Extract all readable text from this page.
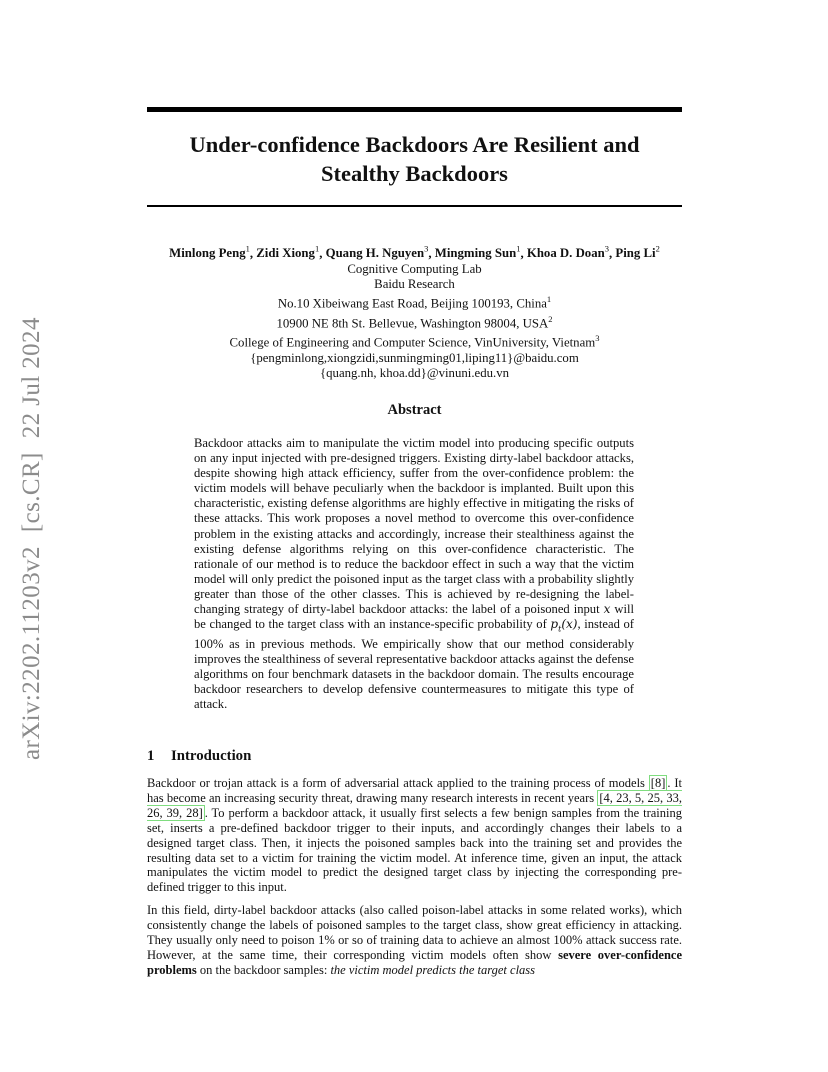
arXiv:2202.11203v2[cs.CR]22 Jul 2024
Under-confidence Backdoors Are Resilient and
Stealthy Backdoors
Minlong Peng$^1$, Zidi Xiong$^1$, Quang H. Nguyen$^3$, Mingming Sun$^1$, Khoa D. Doan$^3$, Ping Li$^2$
Cognitive Computing Lab
Baidu Research
No.10 Xibeiwang East Road, Beijing 100193, China$^1$
10900 NE 8th St. Bellevue, Washington 98004, USA$^2$
College of Engineering and Computer Science, VinUniversity, Vietnam$^3$
{pengminlong,xiongzidi,sunmingming01,liping11}@baidu.com
{quang.nh, khoa.dd}@vinuni.edu.vn
Abstract
Backdoor attacks aim to manipulate the victim model into producing specific outputs on any input injected with pre-designed triggers. Existing dirty-label backdoor attacks, despite showing high attack efficiency, suffer from the over-confidence problem: the victim models will behave peculiarly when the backdoor is implanted. Built upon this characteristic, existing defense algorithms are highly effective in mitigating the risks of these attacks. This work proposes a novel method to overcome this over-confidence problem in the existing attacks and accordingly, increase their stealthiness against the existing defense algorithms relying on this over-confidence characteristic. The rationale of our method is to reduce the backdoor effect in such a way that the victim model will only predict the poisoned input as the target class with a probability slightly greater than those of the other classes. This is achieved by re-designing the label-changing strategy of dirty-label backdoor attacks: the label of a poisoned input x will be changed to the target class with an instance-specific probability of $p_t(x)$, instead of 100% as in previous methods. We empirically show that our method considerably improves the stealthiness of several representative backdoor attacks against the defense algorithms on four benchmark datasets in the backdoor domain. The results encourage backdoor researchers to develop defensive countermeasures to mitigate this type of attack.
1 Introduction
Backdoor or trojan attack is a form of adversarial attack applied to the training process of models [8] . It has become an increasing security threat, drawing many research interests in recent years [4, 23, 5, 25, 33, 26, 39, 28] . To perform a backdoor attack, it usually first selects a few benign samples from the training set, inserts a pre-defined backdoor trigger to their inputs, and accordingly changes their labels to a designed target class. Then, it injects the poisoned samples back into the training set and provides the resulting data set to a victim for training the victim model. At inference time, given an input, the attack manipulates the victim model to predict the designed target class by injecting the corresponding pre-defined trigger to this input.
In this field, dirty-label backdoor attacks (also called poison-label attacks in some related works), which consistently change the labels of poisoned samples to the target class, show great efficiency in attacking. They usually only need to poison 1% or so of training data to achieve an almost 100% attack success rate. However, at the same time, their corresponding victim models often show severe over-confidence problems on the backdoor samples: the victim model predicts the target class
